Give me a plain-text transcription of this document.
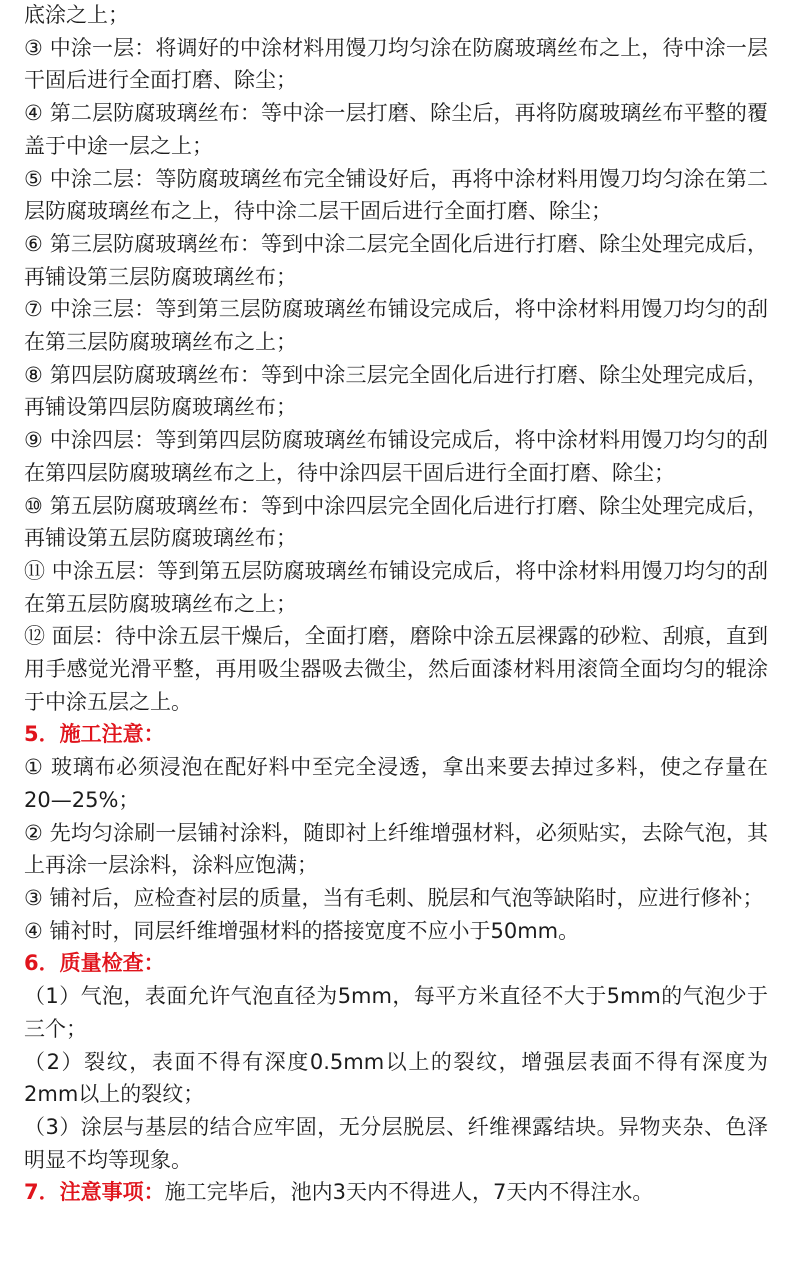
底涂之上；

③ 中涂一层：将调好的中涂材料用馒刀均匀涂在防腐玻璃丝布之上，待中涂一层干固后进行全面打磨、除尘；

④ 第二层防腐玻璃丝布：等中涂一层打磨、除尘后，再将防腐玻璃丝布平整的覆盖于中途一层之上；

⑤ 中涂二层：等防腐玻璃丝布完全铺设好后，再将中涂材料用馒刀均匀涂在第二层防腐玻璃丝布之上，待中涂二层干固后进行全面打磨、除尘；

⑥ 第三层防腐玻璃丝布：等到中涂二层完全固化后进行打磨、除尘处理完成后，再铺设第三层防腐玻璃丝布；

⑦ 中涂三层：等到第三层防腐玻璃丝布铺设完成后，将中涂材料用馒刀均匀的刮在第三层防腐玻璃丝布之上；

⑧ 第四层防腐玻璃丝布：等到中涂三层完全固化后进行打磨、除尘处理完成后，再铺设第四层防腐玻璃丝布；

⑨ 中涂四层：等到第四层防腐玻璃丝布铺设完成后，将中涂材料用馒刀均匀的刮在第四层防腐玻璃丝布之上，待中涂四层干固后进行全面打磨、除尘；

⑩ 第五层防腐玻璃丝布：等到中涂四层完全固化后进行打磨、除尘处理完成后，再铺设第五层防腐玻璃丝布；

⑪ 中涂五层：等到第五层防腐玻璃丝布铺设完成后，将中涂材料用馒刀均匀的刮在第五层防腐玻璃丝布之上；

⑫ 面层：待中涂五层干燥后，全面打磨，磨除中涂五层裸露的砂粒、刮痕，直到用手感觉光滑平整，再用吸尘器吸去微尘，然后面漆材料用滚筒全面均匀的辊涂于中涂五层之上。

5．施工注意：

① 玻璃布必须浸泡在配好料中至完全浸透，拿出来要去掉过多料，使之存量在20—25%；

② 先均匀涂刷一层铺衬涂料，随即衬上纤维增强材料，必须贴实，去除气泡，其上再涂一层涂料，涂料应饱满；

③ 铺衬后，应检查衬层的质量，当有毛刺、脱层和气泡等缺陷时，应进行修补；

④ 铺衬时，同层纤维增强材料的搭接宽度不应小于50mm。

6．质量检查：

（1）气泡，表面允许气泡直径为5mm，每平方米直径不大于5mm的气泡少于三个；

（2）裂纹，表面不得有深度0.5mm以上的裂纹，增强层表面不得有深度为2mm以上的裂纹；

（3）涂层与基层的结合应牢固，无分层脱层、纤维裸露结块。异物夹杂、色泽明显不均等现象。

7．注意事项：施工完毕后，池内3天内不得进人，7天内不得注水。
